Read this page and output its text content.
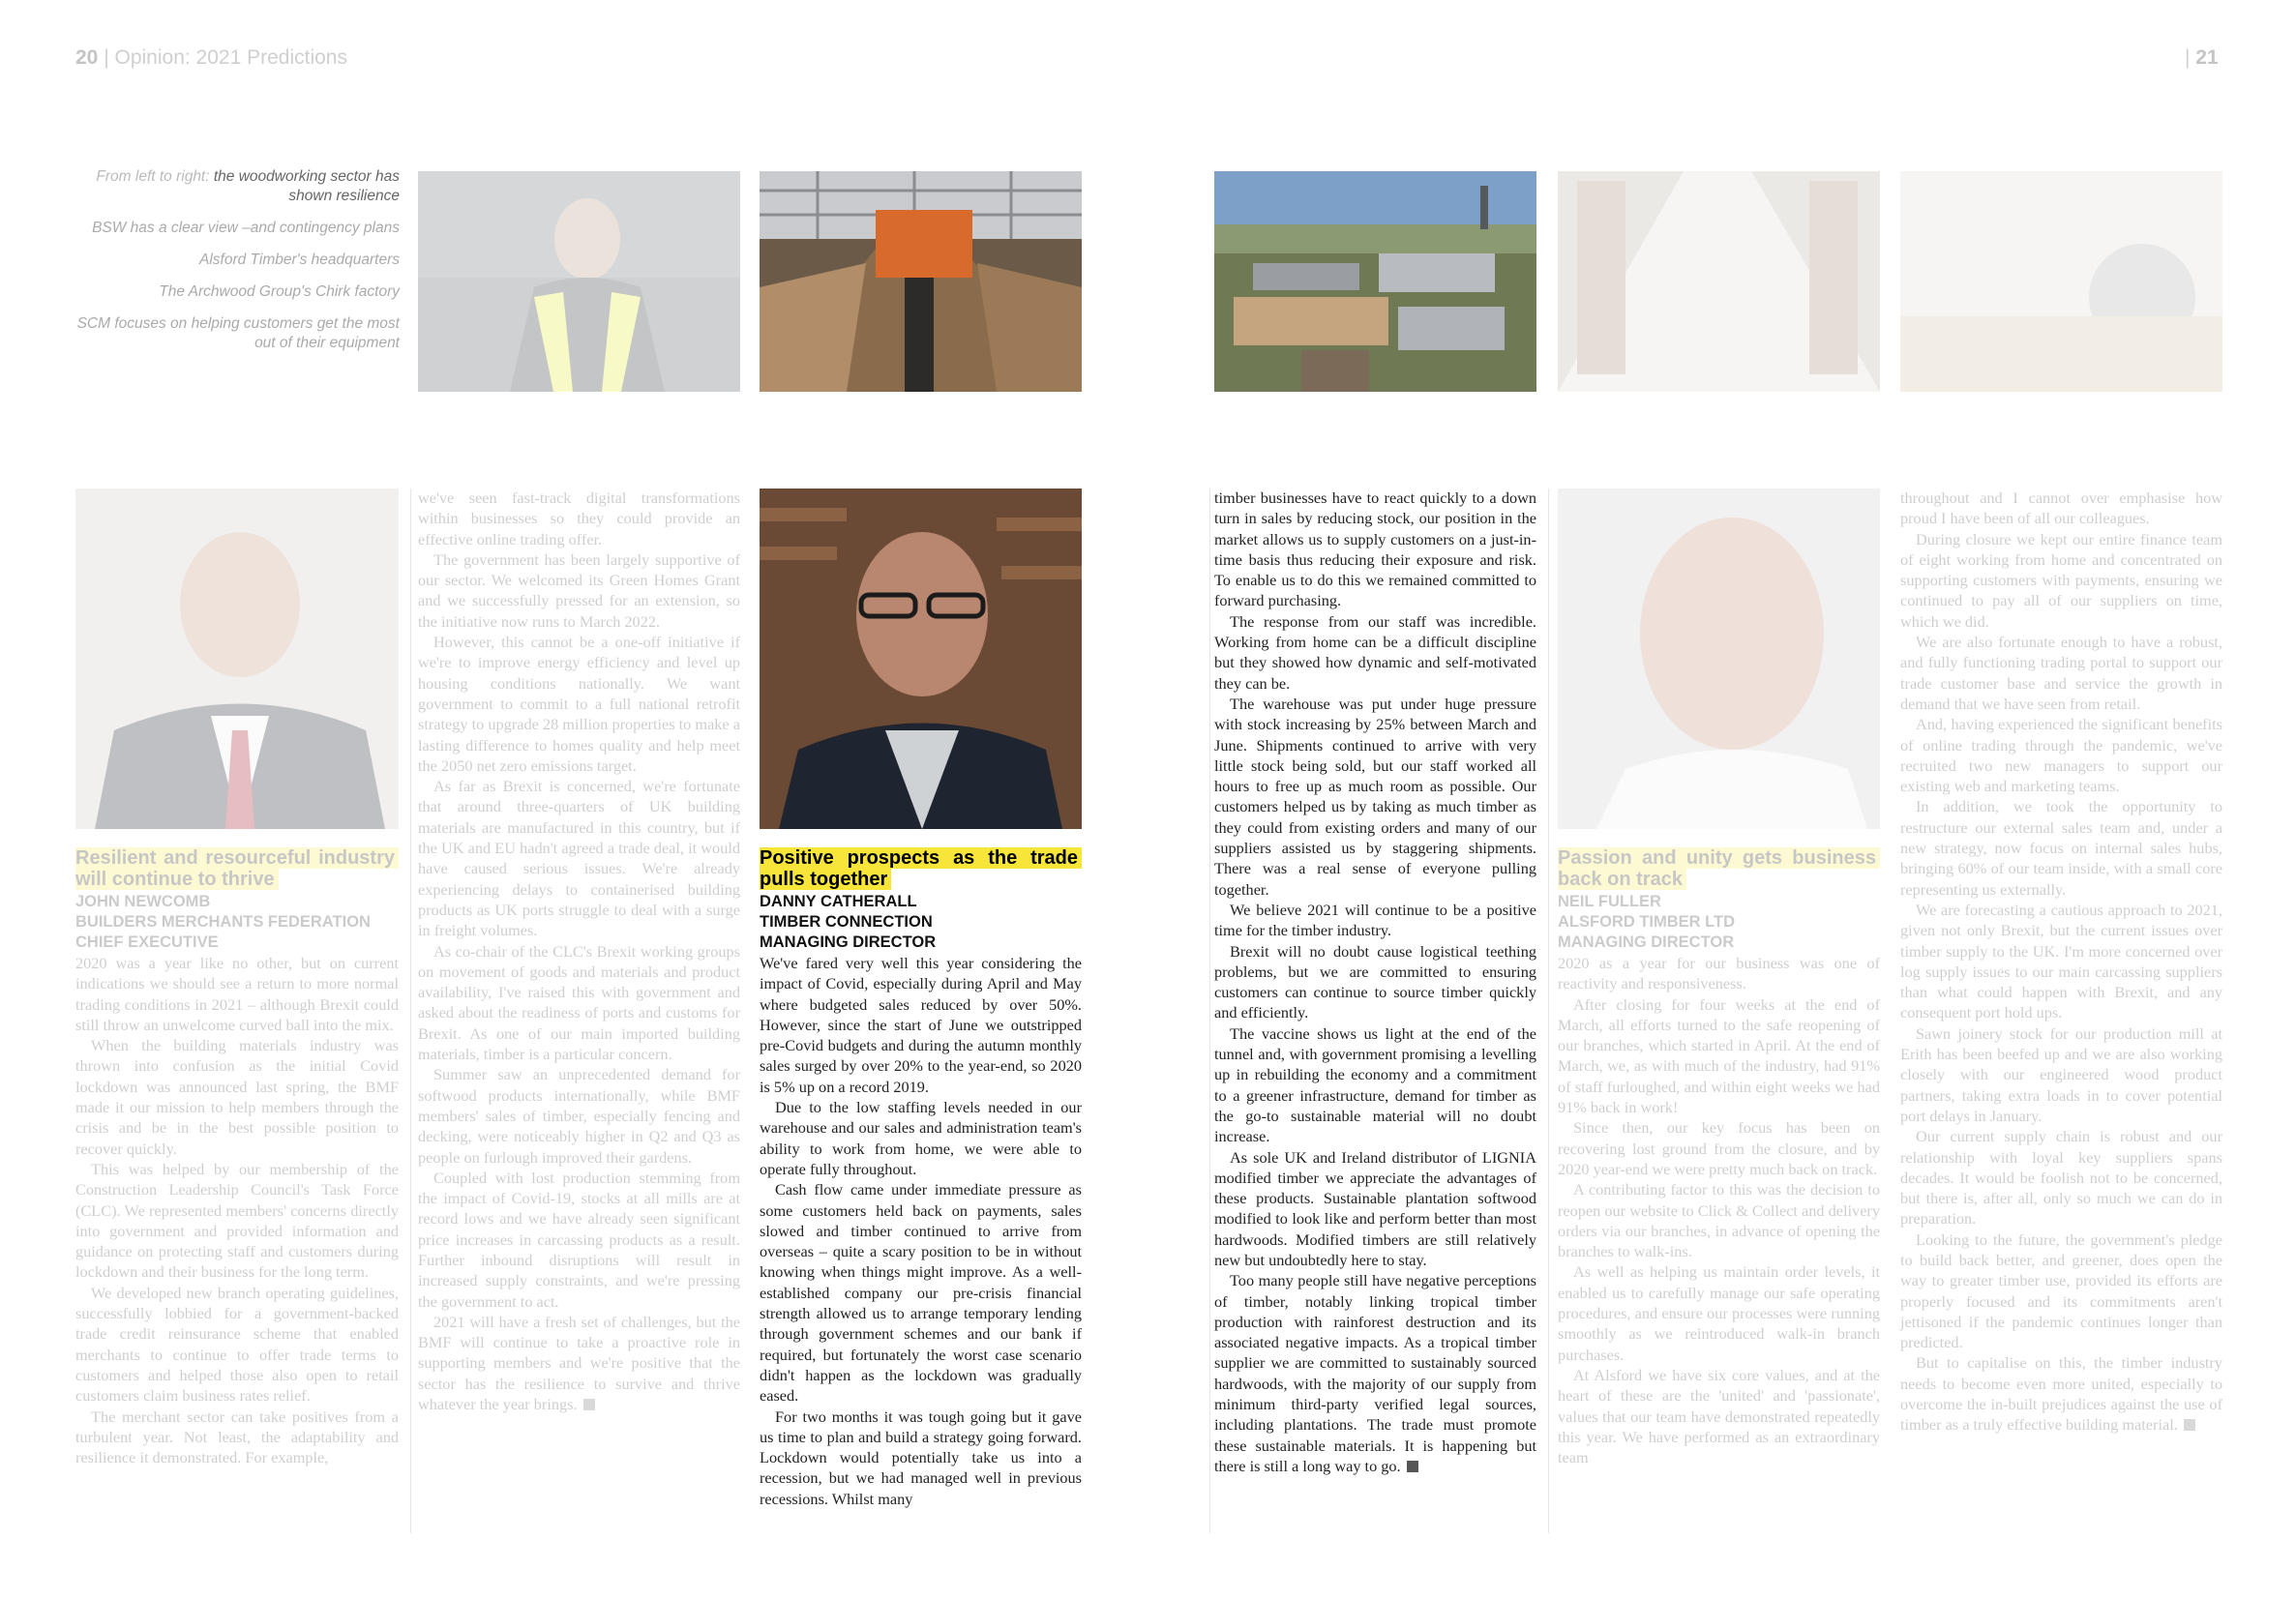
20 | Opinion: 2021 Predictions	| 21
From left to right: the woodworking sector has shown resilience
BSW has a clear view –and contingency plans
Alsford Timber's headquarters
The Archwood Group's Chirk factory
SCM focuses on helping customers get the most out of their equipment
Resilient and resourceful industry will continue to thrive
JOHN NEWCOMB
BUILDERS MERCHANTS FEDERATION
CHIEF EXECUTIVE

2020 was a year like no other, but on current indications we should see a return to more normal trading conditions in 2021 – although Brexit could still throw an unwelcome curved ball into the mix.

When the building materials industry was thrown into confusion as the initial Covid lockdown was announced last spring, the BMF made it our mission to help members through the crisis and be in the best possible position to recover quickly.

This was helped by our membership of the Construction Leadership Council's Task Force (CLC). We represented members' concerns directly into government and provided information and guidance on protecting staff and customers during lockdown and their business for the long term.

We developed new branch operating guidelines, successfully lobbied for a government-backed trade credit reinsurance scheme that enabled merchants to continue to offer trade terms to customers and helped those also open to retail customers claim business rates relief.

The merchant sector can take positives from a turbulent year. Not least, the adaptability and resilience it demonstrated. For example,

we've seen fast-track digital transformations within businesses so they could provide an effective online trading offer.

The government has been largely supportive of our sector. We welcomed its Green Homes Grant and we successfully pressed for an extension, so the initiative now runs to March 2022.

However, this cannot be a one-off initiative if we're to improve energy efficiency and level up housing conditions nationally. We want government to commit to a full national retrofit strategy to upgrade 28 million properties to make a lasting difference to homes quality and help meet the 2050 net zero emissions target.

As far as Brexit is concerned, we're fortunate that around three-quarters of UK building materials are manufactured in this country, but if the UK and EU hadn't agreed a trade deal, it would have caused serious issues. We're already experiencing delays to containerised building products as UK ports struggle to deal with a surge in freight volumes.

As co-chair of the CLC's Brexit working groups on movement of goods and materials and product availability, I've raised this with government and asked about the readiness of ports and customs for Brexit. As one of our main imported building materials, timber is a particular concern.

Summer saw an unprecedented demand for softwood products internationally, while BMF members' sales of timber, especially fencing and decking, were noticeably higher in Q2 and Q3 as people on furlough improved their gardens.

Coupled with lost production stemming from the impact of Covid-19, stocks at all mills are at record lows and we have already seen significant price increases in carcassing products as a result. Further inbound disruptions will result in increased supply constraints, and we're pressing the government to act.

2021 will have a fresh set of challenges, but the BMF will continue to take a proactive role in supporting members and we're positive that the sector has the resilience to survive and thrive whatever the year brings.

Positive prospects as the trade pulls together
DANNY CATHERALL
TIMBER CONNECTION
MANAGING DIRECTOR

We've fared very well this year considering the impact of Covid, especially during April and May where budgeted sales reduced by over 50%. However, since the start of June we outstripped pre-Covid budgets and during the autumn monthly sales surged by over 20% to the year-end, so 2020 is 5% up on a record 2019.

Due to the low staffing levels needed in our warehouse and our sales and administration team's ability to work from home, we were able to operate fully throughout.

Cash flow came under immediate pressure as some customers held back on payments, sales slowed and timber continued to arrive from overseas – quite a scary position to be in without knowing when things might improve. As a well-established company our pre-crisis financial strength allowed us to arrange temporary lending through government schemes and our bank if required, but fortunately the worst case scenario didn't happen as the lockdown was gradually eased.

For two months it was tough going but it gave us time to plan and build a strategy going forward. Lockdown would potentially take us into a recession, but we had managed well in previous recessions. Whilst many

timber businesses have to react quickly to a down turn in sales by reducing stock, our position in the market allows us to supply customers on a just-in-time basis thus reducing their exposure and risk. To enable us to do this we remained committed to forward purchasing.

The response from our staff was incredible. Working from home can be a difficult discipline but they showed how dynamic and self-motivated they can be.

The warehouse was put under huge pressure with stock increasing by 25% between March and June. Shipments continued to arrive with very little stock being sold, but our staff worked all hours to free up as much room as possible. Our customers helped us by taking as much timber as they could from existing orders and many of our suppliers assisted us by staggering shipments. There was a real sense of everyone pulling together.

We believe 2021 will continue to be a positive time for the timber industry.

Brexit will no doubt cause logistical teething problems, but we are committed to ensuring customers can continue to source timber quickly and efficiently.

The vaccine shows us light at the end of the tunnel and, with government promising a levelling up in rebuilding the economy and a commitment to a greener infrastructure, demand for timber as the go-to sustainable material will no doubt increase.

As sole UK and Ireland distributor of LIGNIA modified timber we appreciate the advantages of these products. Sustainable plantation softwood modified to look like and perform better than most hardwoods. Modified timbers are still relatively new but undoubtedly here to stay.

Too many people still have negative perceptions of timber, notably linking tropical timber production with rainforest destruction and its associated negative impacts. As a tropical timber supplier we are committed to sustainably sourced hardwoods, with the majority of our supply from minimum third-party verified legal sources, including plantations. The trade must promote these sustainable materials. It is happening but there is still a long way to go.

Passion and unity gets business back on track
NEIL FULLER
ALSFORD TIMBER LTD
MANAGING DIRECTOR

2020 as a year for our business was one of reactivity and responsiveness.

After closing for four weeks at the end of March, all efforts turned to the safe reopening of our branches, which started in April. At the end of March, we, as with much of the industry, had 91% of staff furloughed, and within eight weeks we had 91% back in work!

Since then, our key focus has been on recovering lost ground from the closure, and by 2020 year-end we were pretty much back on track.

A contributing factor to this was the decision to reopen our website to Click & Collect and delivery orders via our branches, in advance of opening the branches to walk-ins.

As well as helping us maintain order levels, it enabled us to carefully manage our safe operating procedures, and ensure our processes were running smoothly as we reintroduced walk-in branch purchases.

At Alsford we have six core values, and at the heart of these are the 'united' and 'passionate', values that our team have demonstrated repeatedly this year. We have performed as an extraordinary team

throughout and I cannot over emphasise how proud I have been of all our colleagues.

During closure we kept our entire finance team of eight working from home and concentrated on supporting customers with payments, ensuring we continued to pay all of our suppliers on time, which we did.

We are also fortunate enough to have a robust, and fully functioning trading portal to support our trade customer base and service the growth in demand that we have seen from retail.

And, having experienced the significant benefits of online trading through the pandemic, we've recruited two new managers to support our existing web and marketing teams.

In addition, we took the opportunity to restructure our external sales team and, under a new strategy, now focus on internal sales hubs, bringing 60% of our team inside, with a small core representing us externally.

We are forecasting a cautious approach to 2021, given not only Brexit, but the current issues over timber supply to the UK. I'm more concerned over log supply issues to our main carcassing suppliers than what could happen with Brexit, and any consequent port hold ups.

Sawn joinery stock for our production mill at Erith has been beefed up and we are also working closely with our engineered wood product partners, taking extra loads in to cover potential port delays in January.

Our current supply chain is robust and our relationship with loyal key suppliers spans decades. It would be foolish not to be concerned, but there is, after all, only so much we can do in preparation.

Looking to the future, the government's pledge to build back better, and greener, does open the way to greater timber use, provided its efforts are properly focused and its commitments aren't jettisoned if the pandemic continues longer than predicted.

But to capitalise on this, the timber industry needs to become even more united, especially to overcome the in-built prejudices against the use of timber as a truly effective building material.
